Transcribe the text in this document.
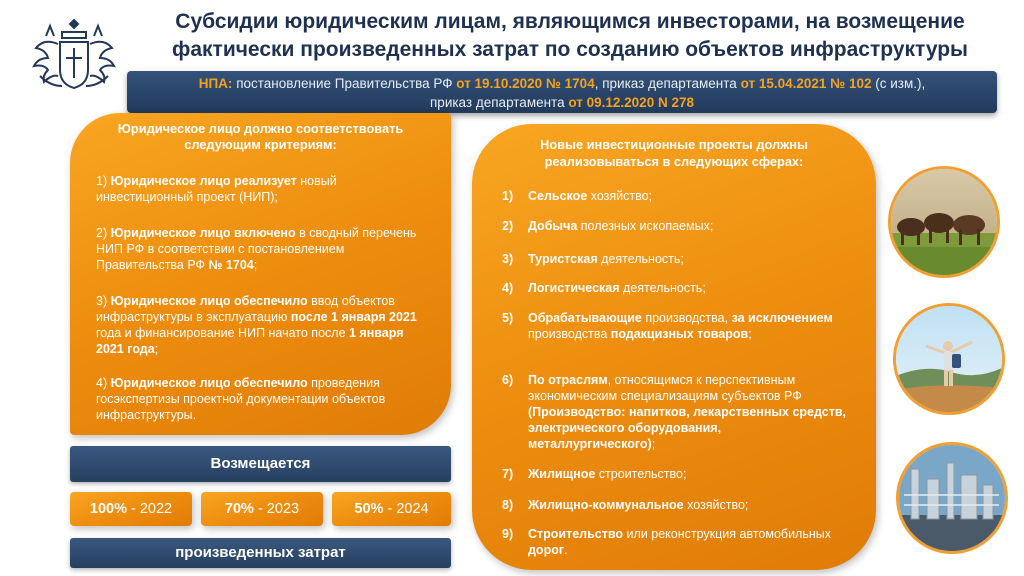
Субсидии юридическим лицам, являющимся инвесторами, на возмещение
фактически произведенных затрат по созданию объектов инфраструктуры
НПА: постановление Правительства РФ от 19.10.2020 № 1704, приказ департамента от 15.04.2021 № 102 (с изм.),
приказ департамента от 09.12.2020 N 278
Юридическое лицо должно соответствовать
следующим критериям:
1) Юридическое лицо реализует новый инвестиционный проект (НИП);
2) Юридическое лицо включено в сводный перечень НИП РФ в соответствии с постановлением Правительства РФ № 1704;
3) Юридическое лицо обеспечило ввод объектов инфраструктуры в эксплуатацию после 1 января 2021 года и финансирование НИП начато после 1 января 2021 года;
4) Юридическое лицо обеспечило проведения госэкспертизы проектной документации объектов инфраструктуры.
Возмещается
100% - 2022	70% - 2023	50% - 2024
произведенных затрат
Новые инвестиционные проекты должны
реализовываться в следующих сферах:
1) Сельское хозяйство;
2) Добыча полезных ископаемых;
3) Туристская деятельность;
4) Логистическая деятельность;
5) Обрабатывающие производства, за исключением производства подакцизных товаров;
6) По отраслям, относящимся к перспективным экономическим специализациям субъектов РФ (Производство: напитков, лекарственных средств, электрического оборудования, металлургического);
7) Жилищное строительство;
8) Жилищно-коммунальное хозяйство;
9) Строительство или реконструкция автомобильных дорог.
